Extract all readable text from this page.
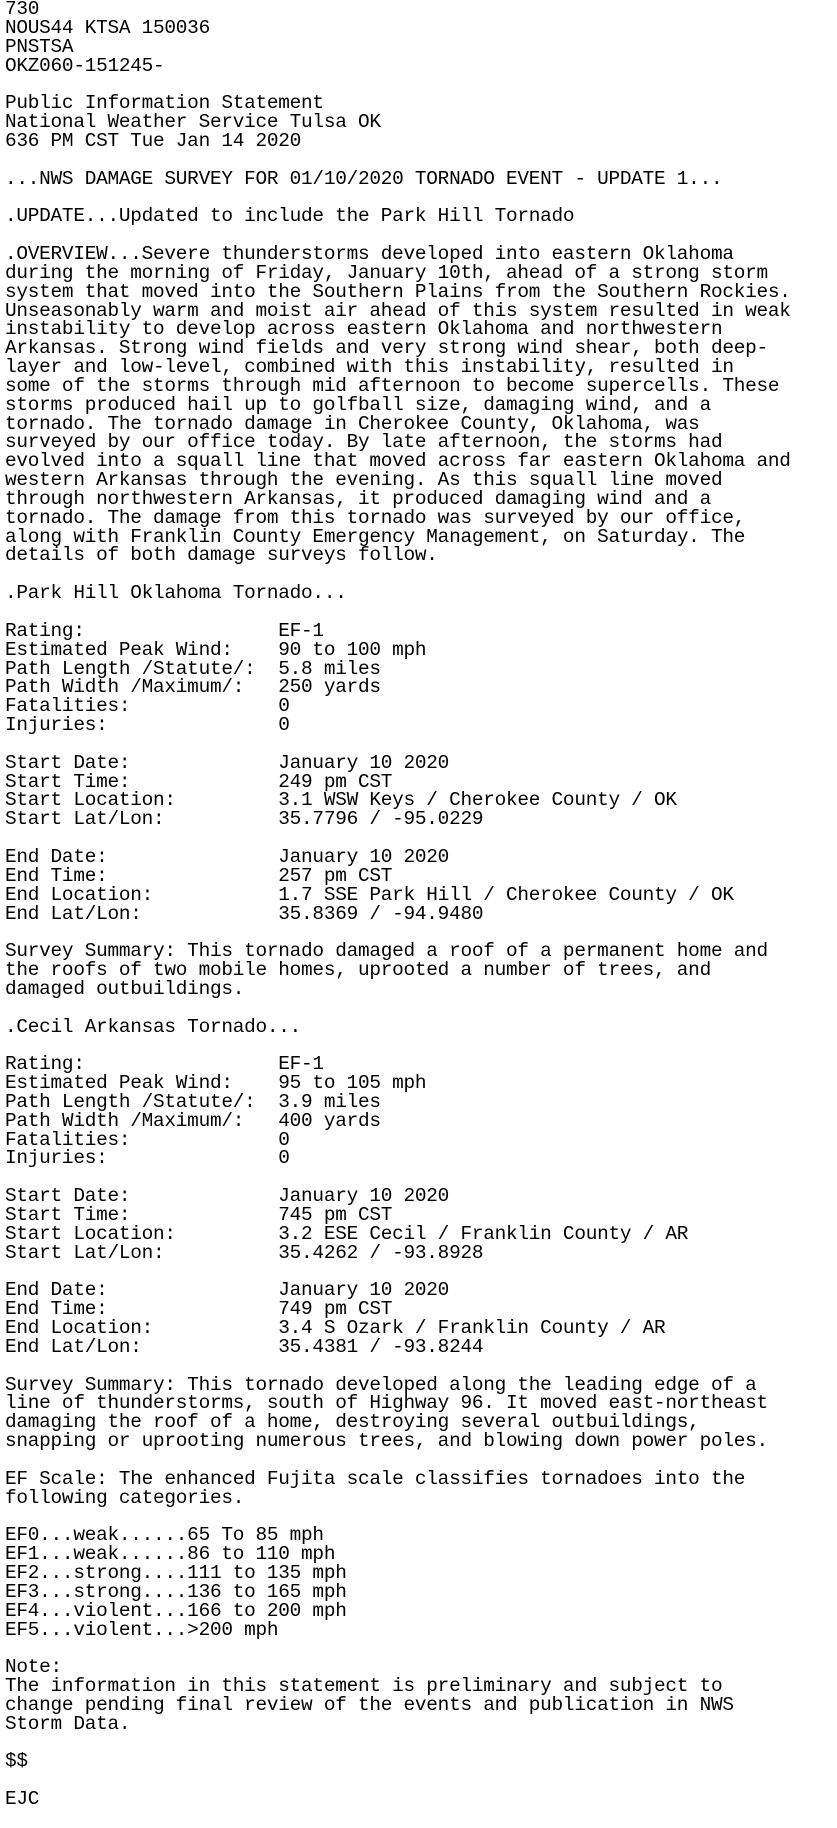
730
NOUS44 KTSA 150036
PNSTSA
OKZ060-151245-
Public Information Statement
National Weather Service Tulsa OK
636 PM CST Tue Jan 14 2020
...NWS DAMAGE SURVEY FOR 01/10/2020 TORNADO EVENT - UPDATE 1...
.UPDATE...Updated to include the Park Hill Tornado
.OVERVIEW...Severe thunderstorms developed into eastern Oklahoma
during the morning of Friday, January 10th, ahead of a strong storm
system that moved into the Southern Plains from the Southern Rockies.
Unseasonably warm and moist air ahead of this system resulted in weak
instability to develop across eastern Oklahoma and northwestern
Arkansas. Strong wind fields and very strong wind shear, both deep-
layer and low-level, combined with this instability, resulted in
some of the storms through mid afternoon to become supercells. These
storms produced hail up to golfball size, damaging wind, and a
tornado. The tornado damage in Cherokee County, Oklahoma, was
surveyed by our office today. By late afternoon, the storms had
evolved into a squall line that moved across far eastern Oklahoma and
western Arkansas through the evening. As this squall line moved
through northwestern Arkansas, it produced damaging wind and a
tornado. The damage from this tornado was surveyed by our office,
along with Franklin County Emergency Management, on Saturday. The
details of both damage surveys follow.
.Park Hill Oklahoma Tornado...
Rating:                 EF-1
Estimated Peak Wind:    90 to 100 mph
Path Length /Statute/:  5.8 miles
Path Width /Maximum/:   250 yards
Fatalities:             0
Injuries:               0
Start Date:             January 10 2020
Start Time:             249 pm CST
Start Location:         3.1 WSW Keys / Cherokee County / OK
Start Lat/Lon:          35.7796 / -95.0229
End Date:               January 10 2020
End Time:               257 pm CST
End Location:           1.7 SSE Park Hill / Cherokee County / OK
End Lat/Lon:            35.8369 / -94.9480
Survey Summary: This tornado damaged a roof of a permanent home and
the roofs of two mobile homes, uprooted a number of trees, and
damaged outbuildings.
.Cecil Arkansas Tornado...
Rating:                 EF-1
Estimated Peak Wind:    95 to 105 mph
Path Length /Statute/:  3.9 miles
Path Width /Maximum/:   400 yards
Fatalities:             0
Injuries:               0
Start Date:             January 10 2020
Start Time:             745 pm CST
Start Location:         3.2 ESE Cecil / Franklin County / AR
Start Lat/Lon:          35.4262 / -93.8928
End Date:               January 10 2020
End Time:               749 pm CST
End Location:           3.4 S Ozark / Franklin County / AR
End Lat/Lon:            35.4381 / -93.8244
Survey Summary: This tornado developed along the leading edge of a
line of thunderstorms, south of Highway 96. It moved east-northeast
damaging the roof of a home, destroying several outbuildings,
snapping or uprooting numerous trees, and blowing down power poles.
EF Scale: The enhanced Fujita scale classifies tornadoes into the
following categories.
EF0...weak......65 To 85 mph
EF1...weak......86 to 110 mph
EF2...strong....111 to 135 mph
EF3...strong....136 to 165 mph
EF4...violent...166 to 200 mph
EF5...violent...>200 mph
Note:
The information in this statement is preliminary and subject to
change pending final review of the events and publication in NWS
Storm Data.
$$
EJC
